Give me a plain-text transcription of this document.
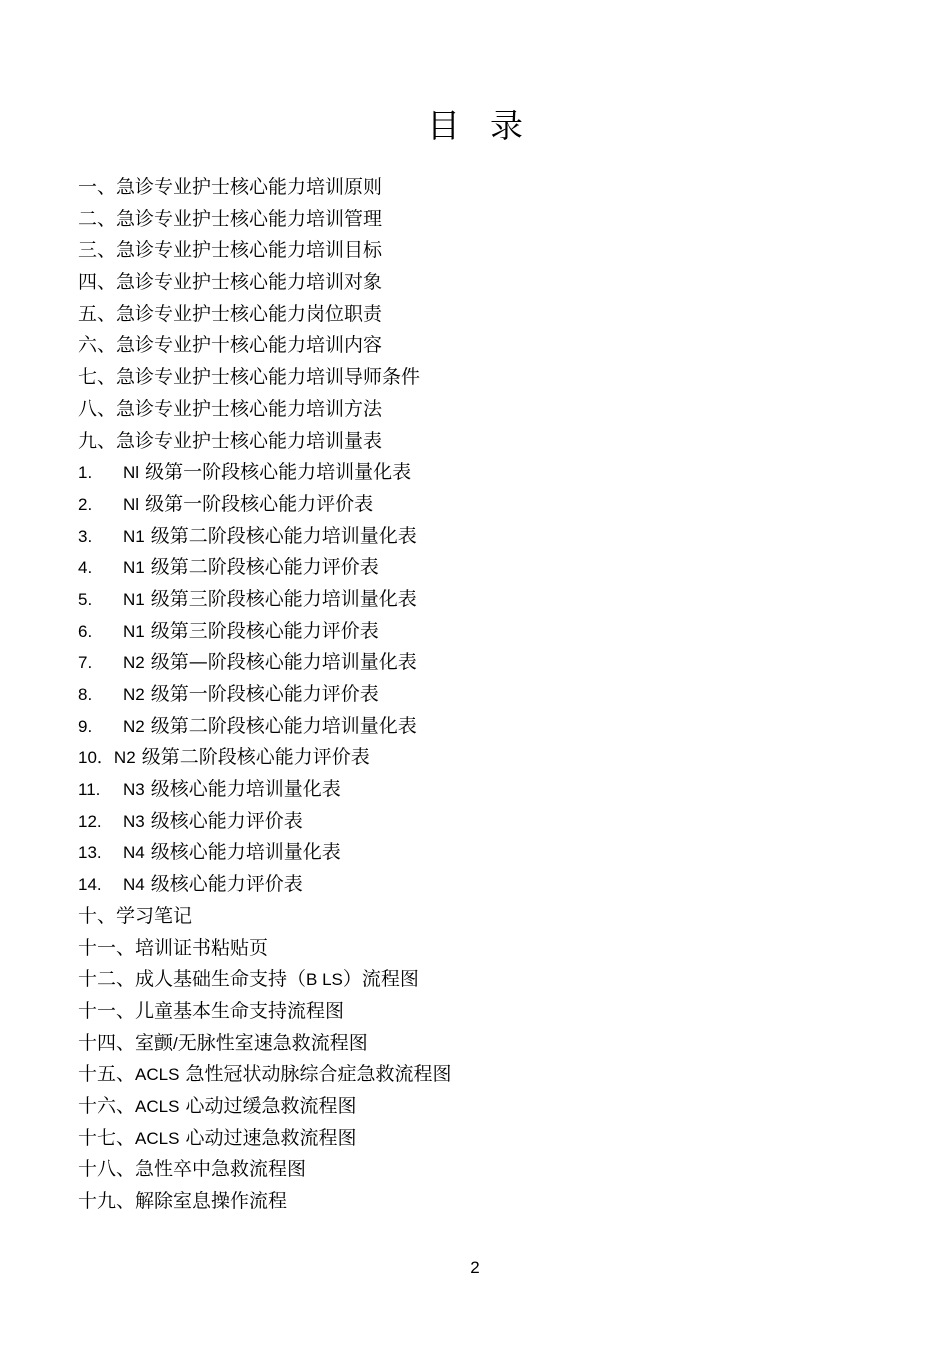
目录
一、急诊专业护士核心能力培训原则
二、急诊专业护士核心能力培训管理
三、急诊专业护士核心能力培训目标
四、急诊专业护士核心能力培训对象
五、急诊专业护士核心能力岗位职责
六、急诊专业护十核心能力培训内容
七、急诊专业护士核心能力培训导师条件
八、急诊专业护士核心能力培训方法
九、急诊专业护士核心能力培训量表
1. Nl 级第一阶段核心能力培训量化表
2. Nl 级第一阶段核心能力评价表
3. N1 级第二阶段核心能力培训量化表
4. N1 级第二阶段核心能力评价表
5. N1 级第三阶段核心能力培训量化表
6. N1 级第三阶段核心能力评价表
7. N2 级第—阶段核心能力培训量化表
8. N2 级第一阶段核心能力评价表
9. N2 级第二阶段核心能力培训量化表
10．N2 级第二阶段核心能力评价表
11. N3 级核心能力培训量化表
12. N3 级核心能力评价表
13. N4 级核心能力培训量化表
14. N4 级核心能力评价表
十、学习笔记
十一、培训证书粘贴页
十二、成人基础生命支持（B LS）流程图
十一、儿童基本生命支持流程图
十四、室颤/无脉性室速急救流程图
十五、ACLS 急性冠状动脉综合症急救流程图
十六、ACLS 心动过缓急救流程图
十七、ACLS 心动过速急救流程图
十八、急性卒中急救流程图
十九、解除室息操作流程
2
